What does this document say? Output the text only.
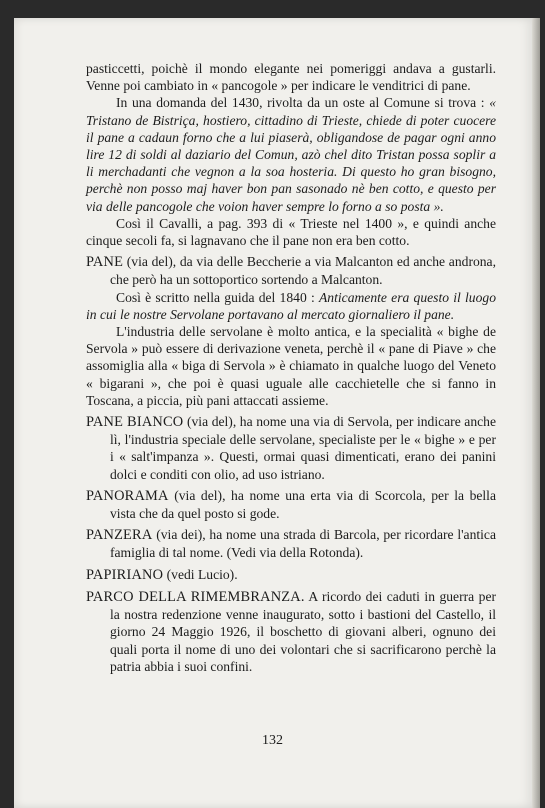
pasticcetti, poichè il mondo elegante nei pomeriggi andava a gustarli. Venne poi cambiato in « pancogole » per indicare le venditrici di pane.

In una domanda del 1430, rivolta da un oste al Comune si trova : « Tristano de Bistriça, hostiero, cittadino di Trieste, chiede di poter cuocere il pane a cadaun forno che a lui piaserà, obligandose de pagar ogni anno lire 12 di soldi al daziario del Comun, azò chel dito Tristan possa soplir a li merchadanti che vegnon a la soa hosteria. Di questo ho gran bisogno, perchè non posso maj haver bon pan sasonado nè ben cotto, e questo per via delle pancogole che voion haver sempre lo forno a so posta ».

Così il Cavalli, a pag. 393 di « Trieste nel 1400 », e quindi anche cinque secoli fa, si lagnavano che il pane non era ben cotto.

PANE (via del), da via delle Beccherie a via Malcanton ed anche androna, che però ha un sottoportico sortendo a Malcanton.

Così è scritto nella guida del 1840 : Anticamente era questo il luogo in cui le nostre Servolane portavano al mercato giornaliero il pane.

L'industria delle servolane è molto antica, e la specialità « bighe de Servola » può essere di derivazione veneta, perchè il « pane di Piave » che assomiglia alla « biga di Servola » è chiamato in qualche luogo del Veneto « bigarani », che poi è quasi uguale alle cacchietelle che si fanno in Toscana, a piccia, più pani attaccati assieme.

PANE BIANCO (via del), ha nome una via di Servola, per indicare anche lì, l'industria speciale delle servolane, specialiste per le « bighe » e per i « salt'impanza ». Questi, ormai quasi dimenticati, erano dei panini dolci e conditi con olio, ad uso istriano.

PANORAMA (via del), ha nome una erta via di Scorcola, per la bella vista che da quel posto si gode.

PANZERA (via dei), ha nome una strada di Barcola, per ricordare l'antica famiglia di tal nome. (Vedi via della Rotonda).

PAPIRIANO (vedi Lucio).

PARCO DELLA RIMEMBRANZA. A ricordo dei caduti in guerra per la nostra redenzione venne inaugurato, sotto i bastioni del Castello, il giorno 24 Maggio 1926, il boschetto di giovani alberi, ognuno dei quali porta il nome di uno dei volontari che si sacrificarono perchè la patria abbia i suoi confini.

132
